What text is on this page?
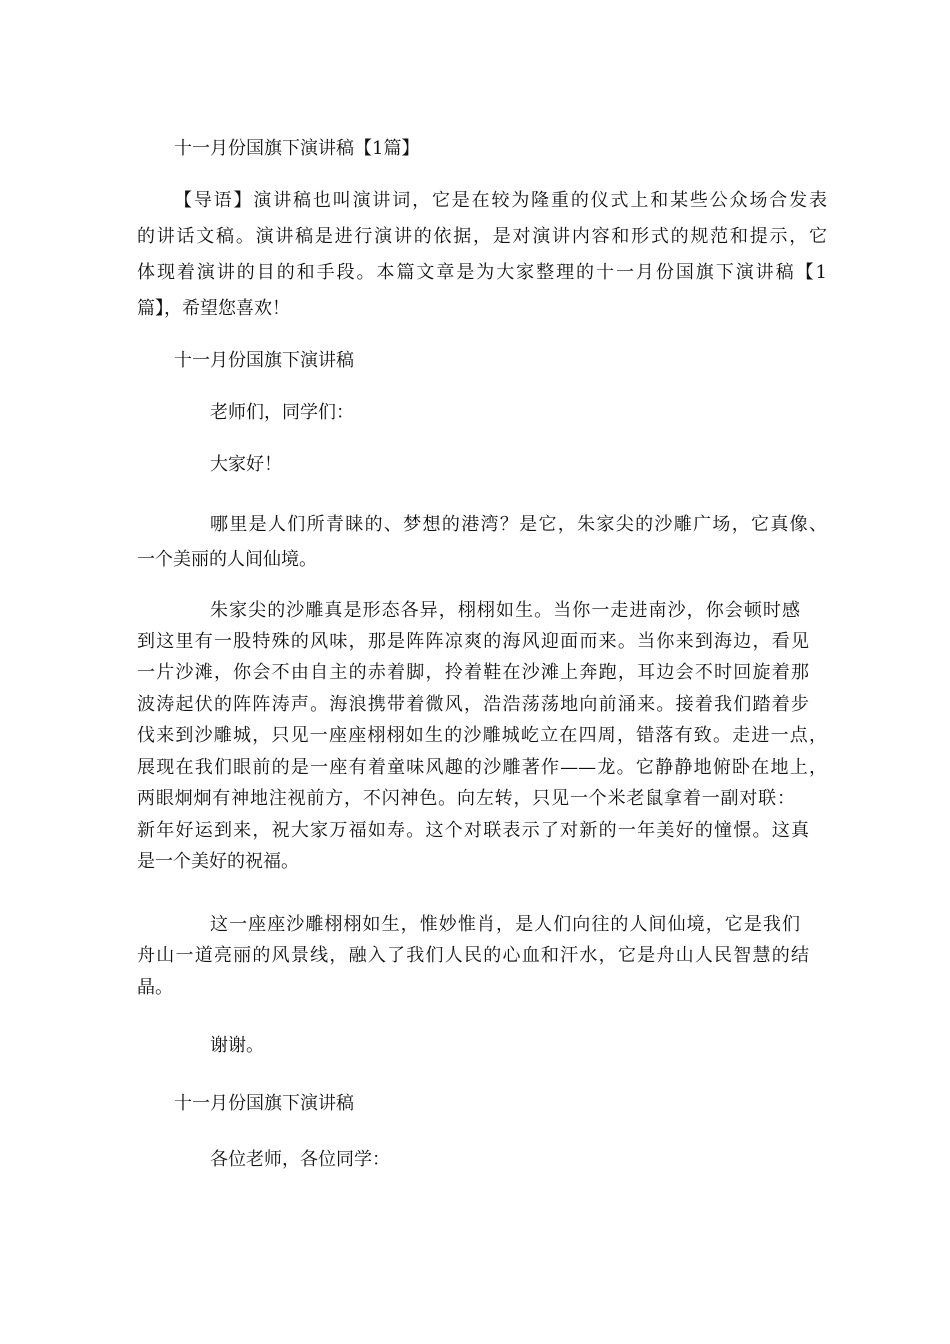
十一月份国旗下演讲稿【1篇】

【导语】演讲稿也叫演讲词，它是在较为隆重的仪式上和某些公众场合发表

的讲话文稿。演讲稿是进行演讲的依据，是对演讲内容和形式的规范和提示，它

体现着演讲的目的和手段。本篇文章是为大家整理的十一月份国旗下演讲稿【1

篇】，希望您喜欢！

十一月份国旗下演讲稿

老师们，同学们：

大家好！

哪里是人们所青睐的、梦想的港湾？是它，朱家尖的沙雕广场，它真像、

一个美丽的人间仙境。

朱家尖的沙雕真是形态各异，栩栩如生。当你一走进南沙，你会顿时感

到这里有一股特殊的风味，那是阵阵凉爽的海风迎面而来。当你来到海边，看见

一片沙滩，你会不由自主的赤着脚，拎着鞋在沙滩上奔跑，耳边会不时回旋着那

波涛起伏的阵阵涛声。海浪携带着微风，浩浩荡荡地向前涌来。接着我们踏着步

伐来到沙雕城，只见一座座栩栩如生的沙雕城屹立在四周，错落有致。走进一点，

展现在我们眼前的是一座有着童味风趣的沙雕著作——龙。它静静地俯卧在地上，

两眼炯炯有神地注视前方，不闪神色。向左转，只见一个米老鼠拿着一副对联：

新年好运到来，祝大家万福如寿。这个对联表示了对新的一年美好的憧憬。这真

是一个美好的祝福。

这一座座沙雕栩栩如生，惟妙惟肖，是人们向往的人间仙境，它是我们

舟山一道亮丽的风景线，融入了我们人民的心血和汗水，它是舟山人民智慧的结

晶。

谢谢。

十一月份国旗下演讲稿

各位老师，各位同学：
